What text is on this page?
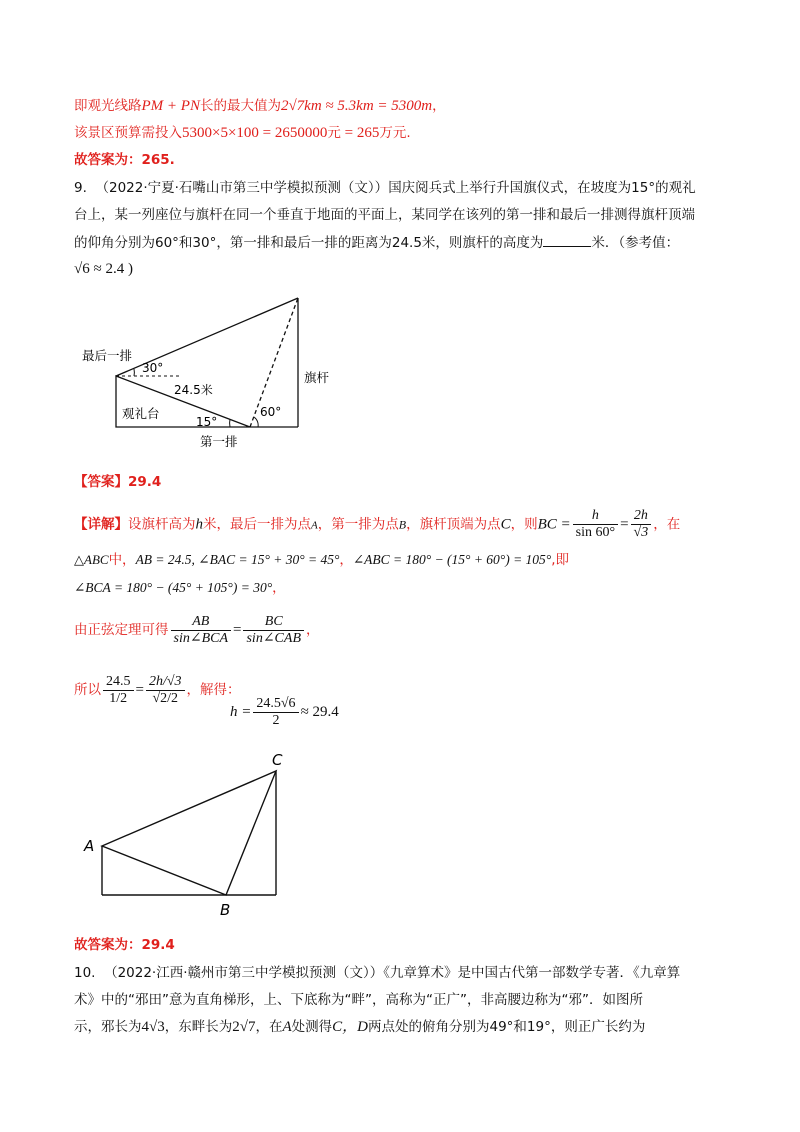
即观光线路PM + PN长的最大值为2√7km ≈ 5.3km = 5300m，
该景区预算需投入5300×5×100 = 2650000元 = 265万元.
故答案为：265.
9. （2022·宁夏·石嘴山市第三中学模拟预测（文））国庆阅兵式上举行升国旗仪式，在坡度为15°的观礼
台上，某一列座位与旗杆在同一个垂直于地面的平面上，某同学在该列的第一排和最后一排测得旗杆顶端
的仰角分别为60°和30°，第一排和最后一排的距离为24.5米，则旗杆的高度为	米．（参考值：
√6 ≈ 2.4 )
最后一排
30°
24.5米
观礼台
15°
60°
旗杆
第一排
【答案】29.4
【详解】设旗杆高为h米，最后一排为点A，第一排为点B，旗杆顶端为点C，则BC = $\frac{h}{\sin 60^\circ} = \frac{2h}{√3}$ ，在
△ABC中，AB = 24.5, ∠BAC = 15° + 30° = 45°，∠ABC = 180° − (15° + 60°) = 105°,即
∠BCA = 180° − (45° + 105°) = 30°，
由正弦定理可得 $\frac{AB}{\text{sin∠BCA}} = \frac{BC}{\text{sin∠CAB}}$ ，
所以 $\frac{24.5}{1/2} = \frac{2h/√3}{√2/2}$ ，解得：
$h = \frac{24.5√6}{2} \approx 29.4$
A
B
C
故答案为：29.4
10. （2022·江西·赣州市第三中学模拟预测（文））《九章算术》是中国古代第一部数学专著．《九章算
术》中的“邪田”意为直角梯形，上、下底称为“畔”，高称为“正广”，非高腰边称为“邪”．如图所
示，邪长为4√3，东畔长为2√7，在A处测得C，D两点处的俯角分别为49°和19°，则正广长约为
